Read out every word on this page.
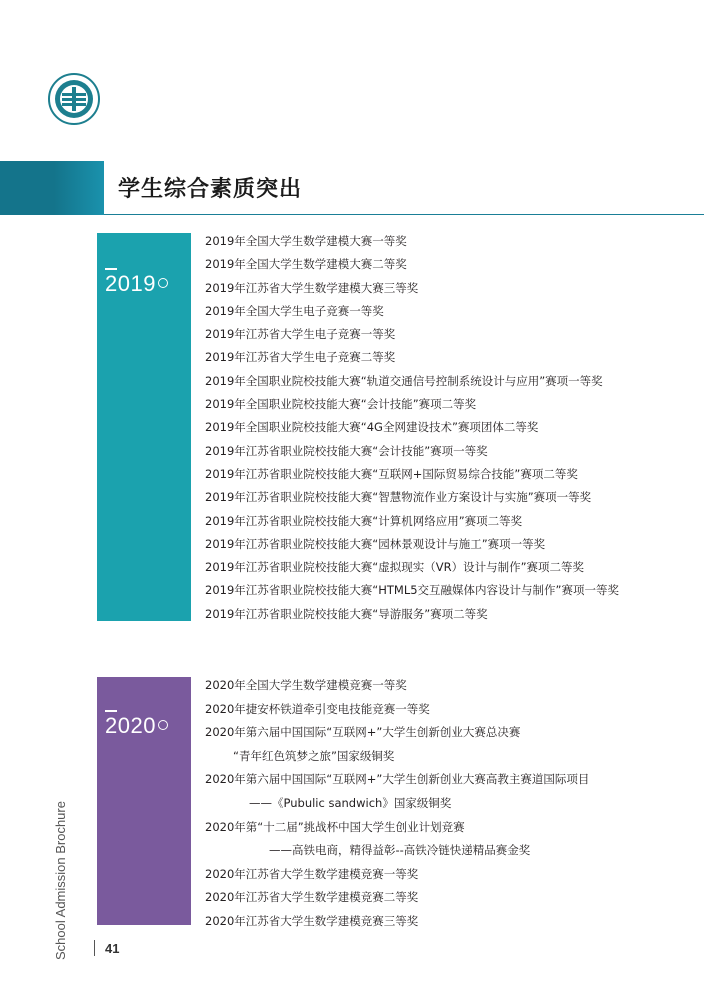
学生综合素质突出
2019
2019年全国大学生数学建模大赛一等奖
2019年全国大学生数学建模大赛二等奖
2019年江苏省大学生数学建模大赛三等奖
2019年全国大学生电子竞赛一等奖
2019年江苏省大学生电子竞赛一等奖
2019年江苏省大学生电子竞赛二等奖
2019年全国职业院校技能大赛“轨道交通信号控制系统设计与应用”赛项一等奖
2019年全国职业院校技能大赛“会计技能”赛项二等奖
2019年全国职业院校技能大赛“4G全网建设技术”赛项团体二等奖
2019年江苏省职业院校技能大赛“会计技能”赛项一等奖
2019年江苏省职业院校技能大赛“互联网+国际贸易综合技能”赛项二等奖
2019年江苏省职业院校技能大赛“智慧物流作业方案设计与实施”赛项一等奖
2019年江苏省职业院校技能大赛“计算机网络应用”赛项二等奖
2019年江苏省职业院校技能大赛“园林景观设计与施工”赛项一等奖
2019年江苏省职业院校技能大赛“虚拟现实（VR）设计与制作”赛项二等奖
2019年江苏省职业院校技能大赛“HTML5交互融媒体内容设计与制作”赛项一等奖
2019年江苏省职业院校技能大赛“导游服务”赛项二等奖
2020
2020年全国大学生数学建模竞赛一等奖
2020年捷安杯铁道牵引变电技能竞赛一等奖
2020年第六届中国国际“互联网+”大学生创新创业大赛总决赛
“青年红色筑梦之旅”国家级铜奖
2020年第六届中国国际“互联网+”大学生创新创业大赛高教主赛道国际项目
——《Pubulic sandwich》国家级铜奖
2020年第“十二届”挑战杯中国大学生创业计划竞赛
——高铁电商，精得益彰--高铁冷链快递精品赛金奖
2020年江苏省大学生数学建模竞赛一等奖
2020年江苏省大学生数学建模竞赛二等奖
2020年江苏省大学生数学建模竞赛三等奖
School Admission Brochure	41
